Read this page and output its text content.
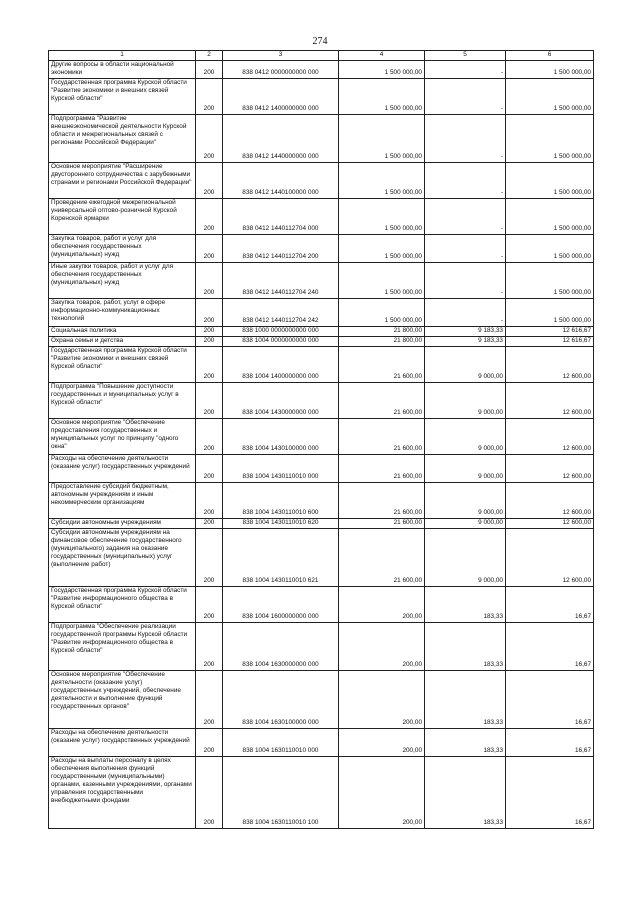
274
1	2	3	4	5	6
Другие вопросы в области национальной экономики	200	838 0412 0000000000 000	1 500 000,00	-	1 500 000,00
Государственная программа Курской области "Развитие экономики и внешних связей Курской области"	200	838 0412 1400000000 000	1 500 000,00	-	1 500 000,00
Подпрограмма "Развитие внешнеэкономической деятельности Курской области и межрегиональных связей с регионами Российской Федерации"	200	838 0412 1440000000 000	1 500 000,00	-	1 500 000,00
Основное мероприятие "Расширение двустороннего сотрудничества с зарубежными странами и регионами Российской Федерации"	200	838 0412 1440100000 000	1 500 000,00	-	1 500 000,00
Проведение ежегодной межрегиональной универсальной оптово-розничной Курской Коренской ярмарки	200	838 0412 1440112704 000	1 500 000,00	-	1 500 000,00
Закупка товаров, работ и услуг для обеспечения государственных (муниципальных) нужд	200	838 0412 1440112704 200	1 500 000,00	-	1 500 000,00
Иные закупки товаров, работ и услуг для обеспечения государственных (муниципальных) нужд	200	838 0412 1440112704 240	1 500 000,00	-	1 500 000,00
Закупка товаров, работ, услуг в сфере информационно-коммуникационных технологий	200	838 0412 1440112704 242	1 500 000,00	-	1 500 000,00
Социальная политика	200	838 1000 0000000000 000	21 800,00	9 183,33	12 616,67
Охрана семьи и детства	200	838 1004 0000000000 000	21 800,00	9 183,33	12 616,67
Государственная программа Курской области "Развитие экономики и внешних связей Курской области"	200	838 1004 1400000000 000	21 600,00	9 000,00	12 600,00
Подпрограмма "Повышение доступности государственных и муниципальных услуг в Курской области"	200	838 1004 1430000000 000	21 600,00	9 000,00	12 600,00
Основное мероприятие "Обеспечение предоставления государственных и муниципальных услуг по принципу "одного окна"	200	838 1004 1430100000 000	21 600,00	9 000,00	12 600,00
Расходы на обеспечение деятельности (оказание услуг) государственных учреждений	200	838 1004 1430110010 000	21 600,00	9 000,00	12 600,00
Предоставление субсидий бюджетным, автономным учреждениям и иным некоммерческим организациям	200	838 1004 1430110010 600	21 600,00	9 000,00	12 600,00
Субсидии автономным учреждениям	200	838 1004 1430110010 620	21 600,00	9 000,00	12 600,00
Субсидии автономным учреждениям на финансовое обеспечение государственного (муниципального) задания на оказание государственных (муниципальных) услуг (выполнение работ)	200	838 1004 1430110010 621	21 600,00	9 000,00	12 600,00
Государственная программа Курской области "Развитие информационного общества в Курской области"	200	838 1004 1600000000 000	200,00	183,33	16,67
Подпрограмма "Обеспечение реализации государственной программы Курской области "Развитие информационного общества в Курской области"	200	838 1004 1630000000 000	200,00	183,33	16,67
Основное мероприятие "Обеспечение деятельности (оказание услуг) государственных учреждений, обеспечение деятельности и выполнение функций государственных органов"	200	838 1004 1630100000 000	200,00	183,33	16,67
Расходы на обеспечение деятельности (оказание услуг) государственных учреждений	200	838 1004 1630110010 000	200,00	183,33	16,67
Расходы на выплаты персоналу в целях обеспечения выполнения функций государственными (муниципальными) органами, казенными учреждениями, органами управления государственными внебюджетными фондами	200	838 1004 1630110010 100	200,00	183,33	16,67
